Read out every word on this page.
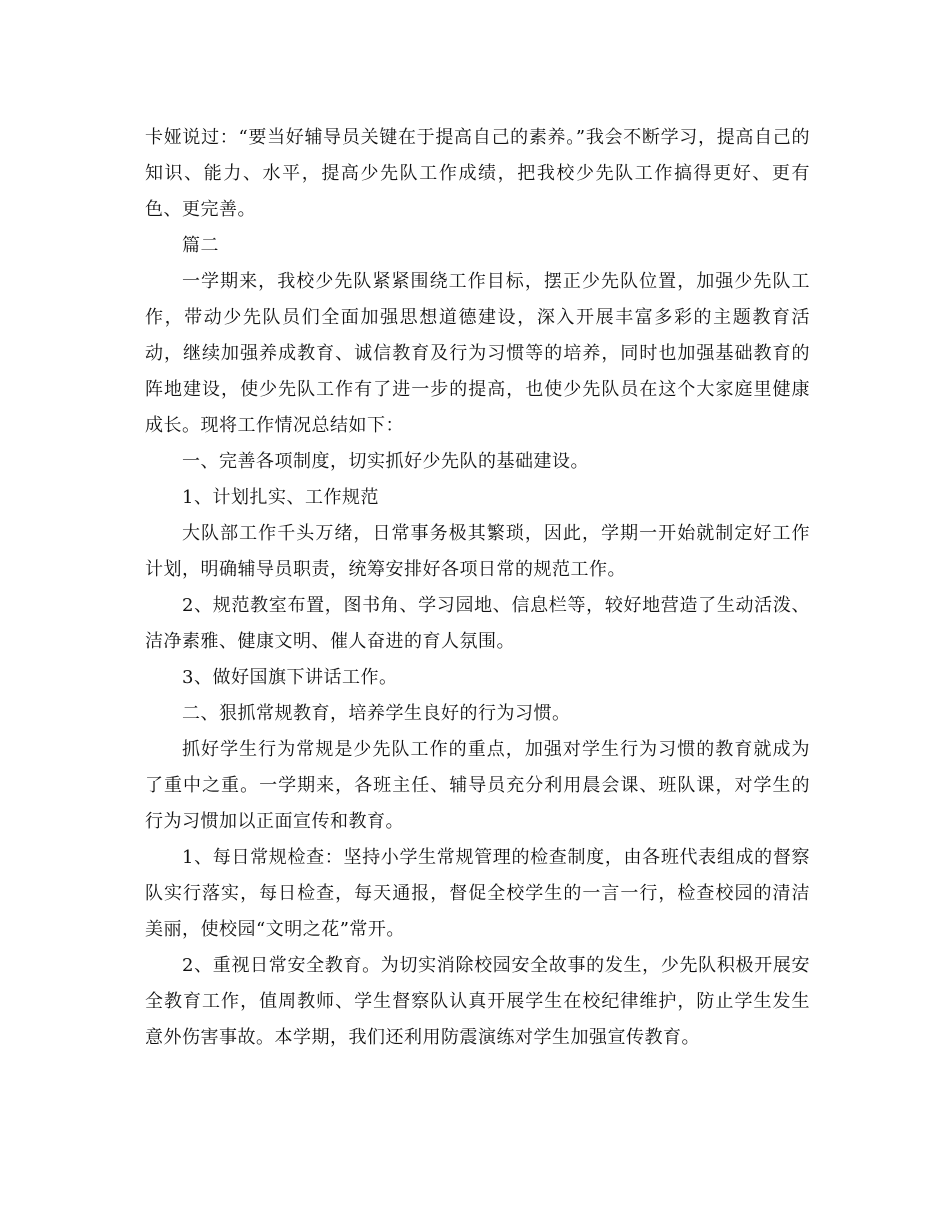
卡娅说过：“要当好辅导员关键在于提高自己的素养。”我会不断学习，提高自己的知识、能力、水平，提高少先队工作成绩，把我校少先队工作搞得更好、更有色、更完善。

篇二

一学期来，我校少先队紧紧围绕工作目标，摆正少先队位置，加强少先队工作，带动少先队员们全面加强思想道德建设，深入开展丰富多彩的主题教育活动，继续加强养成教育、诚信教育及行为习惯等的培养，同时也加强基础教育的阵地建设，使少先队工作有了进一步的提高，也使少先队员在这个大家庭里健康成长。现将工作情况总结如下：

一、完善各项制度，切实抓好少先队的基础建设。

1、计划扎实、工作规范

大队部工作千头万绪，日常事务极其繁琐，因此，学期一开始就制定好工作计划，明确辅导员职责，统筹安排好各项日常的规范工作。

2、规范教室布置，图书角、学习园地、信息栏等，较好地营造了生动活泼、洁净素雅、健康文明、催人奋进的育人氛围。

3、做好国旗下讲话工作。

二、狠抓常规教育，培养学生良好的行为习惯。

抓好学生行为常规是少先队工作的重点，加强对学生行为习惯的教育就成为了重中之重。一学期来，各班主任、辅导员充分利用晨会课、班队课，对学生的行为习惯加以正面宣传和教育。

1、每日常规检查：坚持小学生常规管理的检查制度，由各班代表组成的督察队实行落实，每日检查，每天通报，督促全校学生的一言一行，检查校园的清洁美丽，使校园“文明之花”常开。

2、重视日常安全教育。为切实消除校园安全故事的发生，少先队积极开展安全教育工作，值周教师、学生督察队认真开展学生在校纪律维护，防止学生发生意外伤害事故。本学期，我们还利用防震演练对学生加强宣传教育。
